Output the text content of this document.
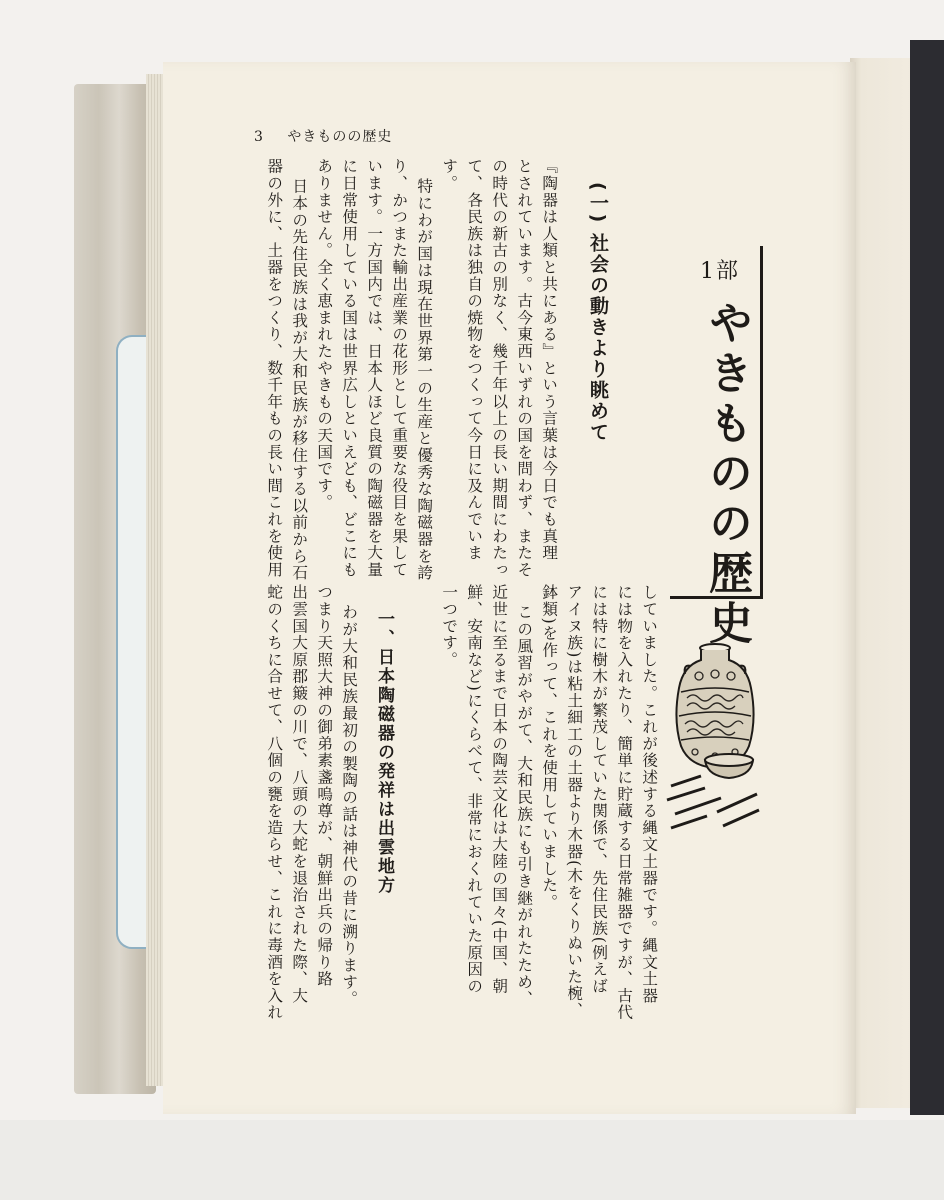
3 やきものの歴史
1部
やきものの歴史
(一) 社会の動きより眺めて
『陶器は人類と共にある』という言葉は今日でも真理
とされています。古今東西いずれの国を問わず、またそ
の時代の新古の別なく、幾千年以上の長い期間にわたっ
て、各民族は独自の焼物をつくって今日に及んでいま
す。
特にわが国は現在世界第一の生産と優秀な陶磁器を誇
り、かつまた輸出産業の花形として重要な役目を果して
います。一方国内では、日本人ほど良質の陶磁器を大量
に日常使用している国は世界広しといえども、どこにも
ありません。全く恵まれたやきもの天国です。
日本の先住民族は我が大和民族が移住する以前から石
器の外に、土器をつくり、数千年もの長い間これを使用
していました。これが後述する縄文土器です。縄文土器
には物を入れたり、簡単に貯蔵する日常雑器ですが、古代
には特に樹木が繁茂していた関係で、先住民族(例えば
アイヌ族)は粘土細工の土器より木器(木をくりぬいた椀、
鉢類)を作って、これを使用していました。
この風習がやがて、大和民族にも引き継がれたため、
近世に至るまで日本の陶芸文化は大陸の国々(中国、朝
鮮、安南など)にくらべて、非常におくれていた原因の
一つです。
一、日本陶磁器の発祥は出雲地方
わが大和民族最初の製陶の話は神代の昔に溯ります。
つまり天照大神の御弟素盞嗚尊が、朝鮮出兵の帰り路
出雲国大原郡簸の川で、八頭の大蛇を退治された際、大
蛇のくちに合せて、八個の甕を造らせ、これに毒酒を入れ
